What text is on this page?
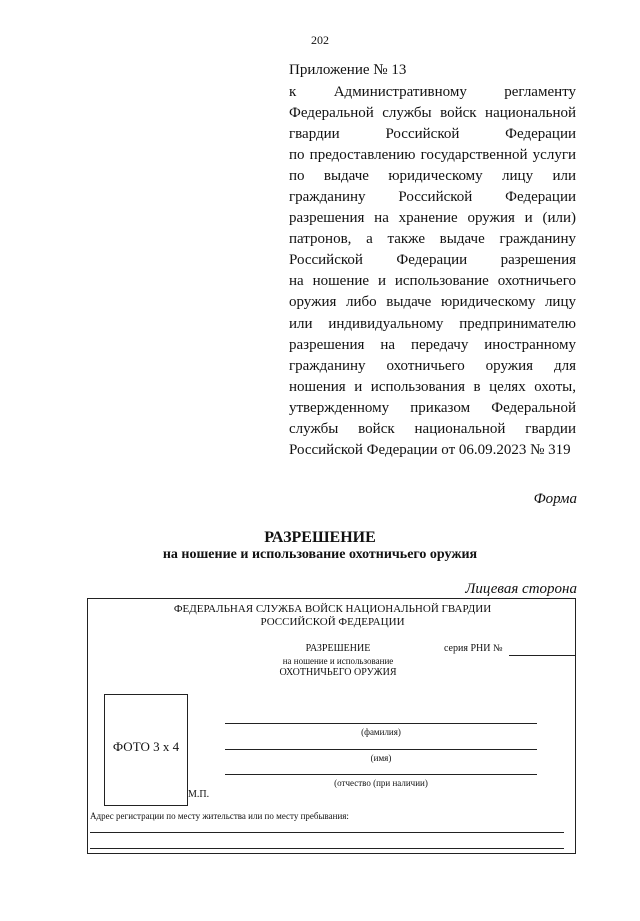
202
Приложение № 13
к Административному регламенту
Федеральной службы войск национальной
гвардии Российской Федерации
по предоставлению государственной услуги
по выдаче юридическому лицу или
гражданину Российской Федерации
разрешения на хранение оружия и (или)
патронов, а также выдаче гражданину
Российской Федерации разрешения
на ношение и использование охотничьего
оружия либо выдаче юридическому лицу
или индивидуальному предпринимателю
разрешения на передачу иностранному
гражданину охотничьего оружия для
ношения и использования в целях охоты,
утвержденному приказом Федеральной
службы войск национальной гвардии
Российской Федерации от 06.09.2023 № 319
Форма
РАЗРЕШЕНИЕ
на ношение и использование охотничьего оружия
Лицевая сторона
ФЕДЕРАЛЬНАЯ СЛУЖБА ВОЙСК НАЦИОНАЛЬНОЙ ГВАРДИИ
РОССИЙСКОЙ ФЕДЕРАЦИИ
РАЗРЕШЕНИЕ
на ношение и использование
ОХОТНИЧЬЕГО ОРУЖИЯ
серия РНИ №
ФОТО 3 х 4
М.П.
(фамилия)
(имя)
(отчество (при наличии)
Адрес регистрации по месту жительства или по месту пребывания:
